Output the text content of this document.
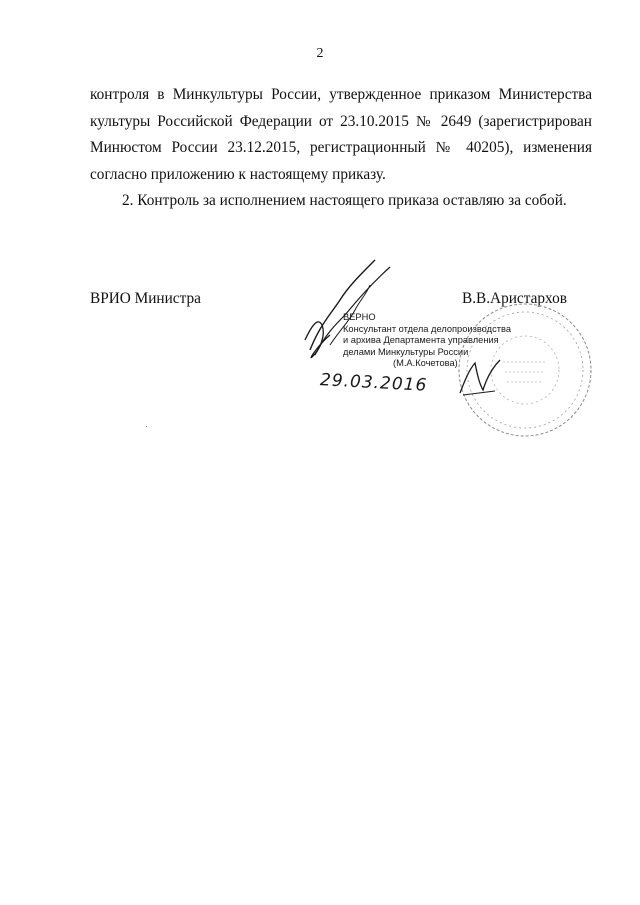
2

контроля в Минкультуры России, утвержденное приказом Министерства культуры Российской Федерации от 23.10.2015 № 2649 (зарегистрирован Минюстом России 23.12.2015, регистрационный № 40205), изменения согласно приложению к настоящему приказу.

2. Контроль за исполнением настоящего приказа оставляю за собой.

ВРИО Министра	В.В.Аристархов
ВЕРНО
Консультант отдела делопроизводства
и архива Департамента управления
делами Минкультуры России
(М.А.Кочетова)
29.03.2016
